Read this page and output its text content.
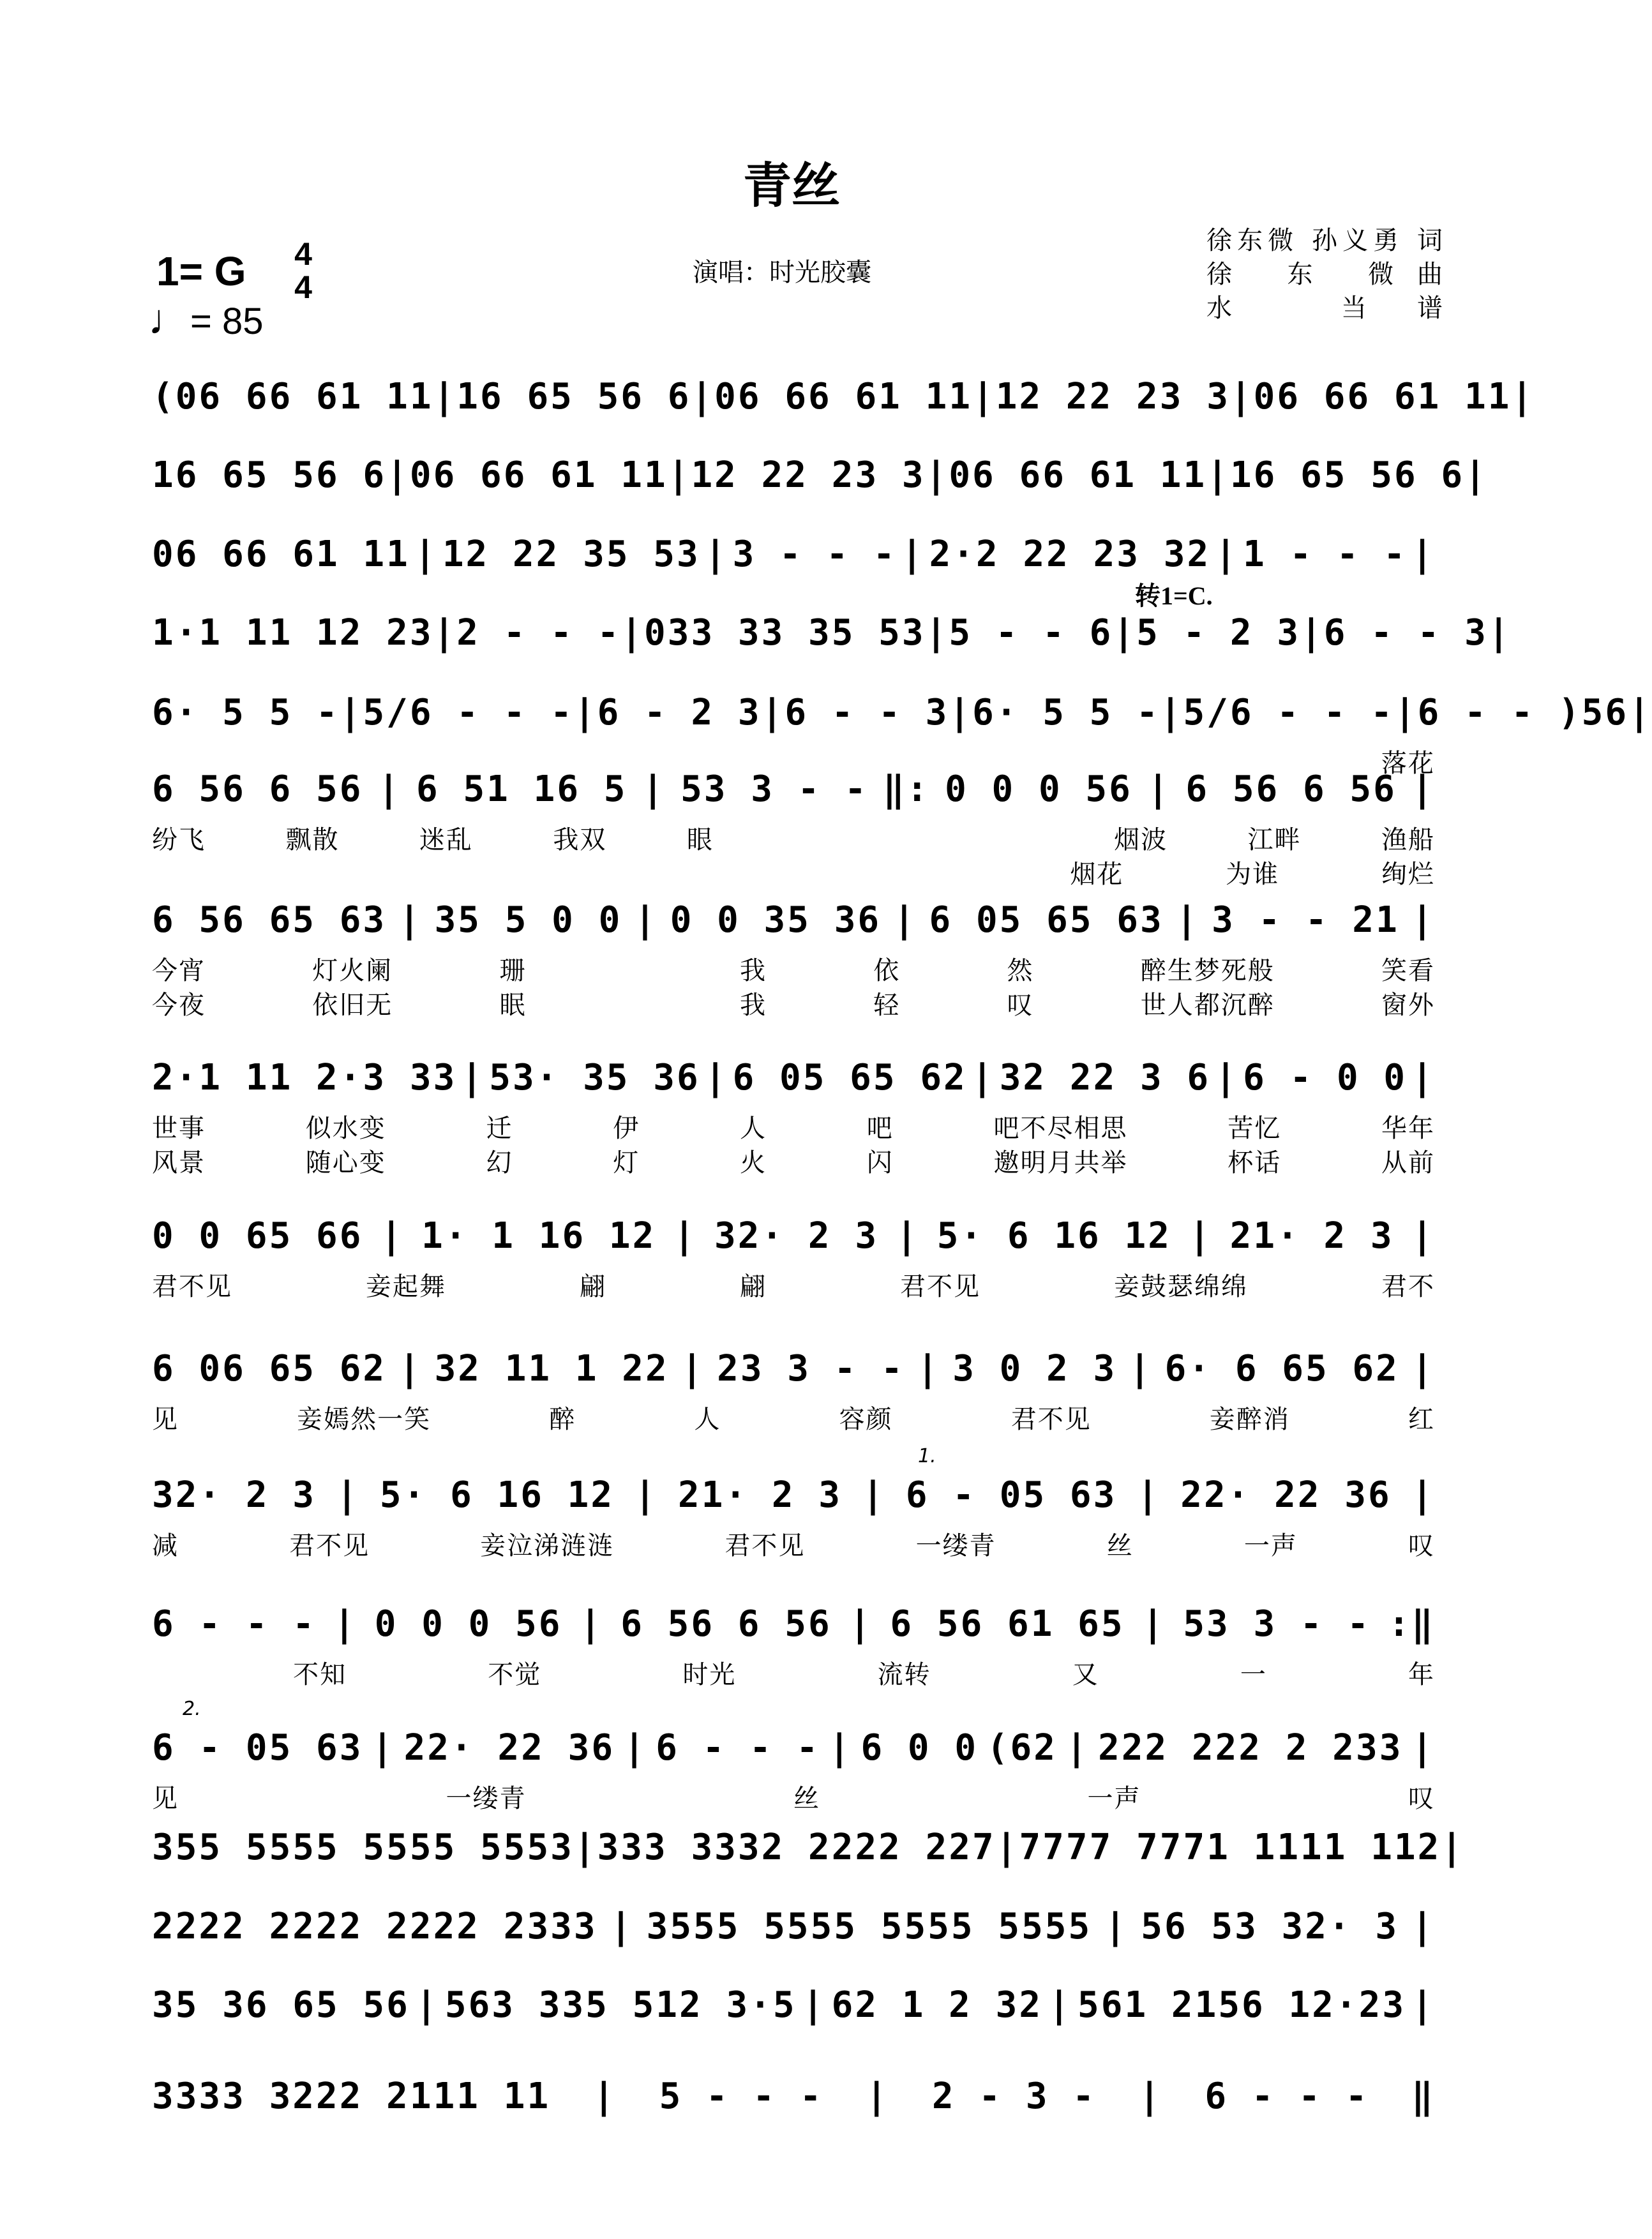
青丝
1= G	4
4
♩= 85
演唱：时光胶囊
徐东微 孙义勇 词
徐 东 微曲
水 当谱
(06 66 61 11 | 16 65 56 6 | 06 66 61 11 | 12 22 23 3 | 06 66 61 11 |
16 65 56 6 | 06 66 61 11 | 12 22 23 3 | 06 66 61 11 | 16 65 56 6 |
06 66 61 11 | 12 22 35 53 | 3 - - - | 2·2 22 23 32 | 1 - - - |
转1=C.
1·1 11 12 23 | 2 - - - | 033 33 35 53 | 5 - - 6 | 5 - 2 3 | 6 - - 3 |
6· 5 5 - | 5/6 - - - | 6 - 2 3 | 6 - - 3 | 6· 5 5 - | 5/6 - - - | 6 - - ) 56 |
落花
6 56 6 56 | 6 51 16 5 | 53 3 - - ‖: 0 0 0 56 | 6 56 6 56 |
纷飞	飘散	迷乱	我双	眼	烟波	江畔	渔船
烟花	为谁	绚烂
6 56 65 63 | 35 5 0 0 | 0 0 35 36 | 6 05 65 63 | 3 - - 21 |
今宵	灯火阑	珊	我	依	然	醉生梦死般	笑看
今夜	依旧无	眠	我	轻	叹	世人都沉醉	窗外
2·1 11 2·3 33 | 53· 35 36 | 6 05 65 62 | 32 22 3 6 | 6 - 0 0 |
世事	似水变	迁	伊	人	吧	吧不尽相思	苦忆	华年
风景	随心变	幻	灯	火	闪	邀明月共举	杯话	从前
0 0 65 66 | 1· 1 16 12 | 32· 2 3 | 5· 6 16 12 | 21· 2 3 |
君不见	妾起舞	翩	翩	君不见	妾鼓瑟绵绵	君不
6 06 65 62 | 32 11 1 22 | 23 3 - - | 3 0 2 3 | 6· 6 65 62 |
见	妾嫣然一笑	醉	人	容颜	君不见	妾醉消	红
32· 2 3 | 5· 6 16 12 | 21· 2 3 | 6 - 05 63 | 22· 22 36 |
减	君不见	妾泣涕涟涟	君不见	一缕青	丝	一声	叹
1.
6 - - - | 0 0 0 56 | 6 56 6 56 | 6 56 61 65 | 53 3 - - :‖
不知	不觉	时光	流转	又	一	年
6 - 05 63 | 22· 22 36 | 6 - - - | 6 0 0 (62 | 222 222 2 233 |
见	一缕青	丝	一声	叹
2.
355 5555 5555 5553 | 333 3332 2222 227 | 7777 7771 1111 112 |
2222 2222 2222 2333 | 3555 5555 5555 5555 | 56 53 32· 3 |
35 36 65 56 | 563 335 512 3·5 | 62 1 2 32 | 561 2156 12·23 |
3333 3222 2111 11 | 5 - - - | 2 - 3 - | 6 - - - ‖
